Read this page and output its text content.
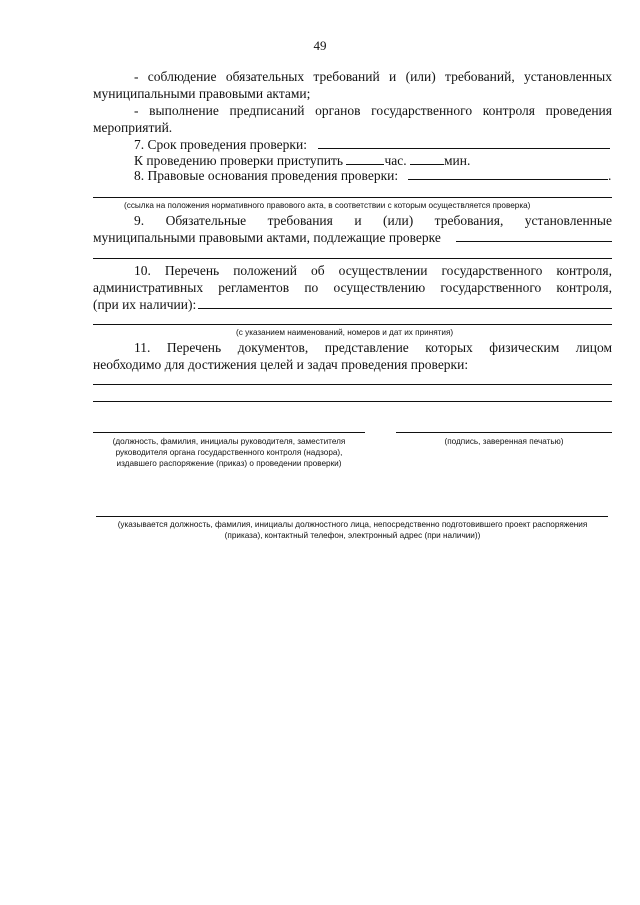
49
- соблюдение обязательных требований и (или) требований, установленных
муниципальными правовыми актами;
- выполнение предписаний органов государственного контроля проведения
мероприятий.
7. Срок проведения проверки:
К проведению проверки приступить	час.	мин.
8. Правовые основания проведения проверки:	.
(ссылка на положения нормативного правового акта, в соответствии с которым осуществляется проверка)
9. Обязательные требования и (или) требования, установленные
муниципальными правовыми актами, подлежащие проверке
10. Перечень положений об осуществлении государственного контроля,
административных регламентов по осуществлению государственного контроля,
(при их наличии):
(с указанием наименований, номеров и дат их принятия)
11. Перечень документов, представление которых физическим лицом
необходимо для достижения целей и задач проведения проверки:
(должность, фамилия, инициалы руководителя, заместителя
руководителя органа государственного контроля (надзора),
издавшего распоряжение (приказ) о проведении проверки)
(подпись, заверенная печатью)
(указывается должность, фамилия, инициалы должностного лица, непосредственно подготовившего проект распоряжения
(приказа), контактный телефон, электронный адрес (при наличии))
